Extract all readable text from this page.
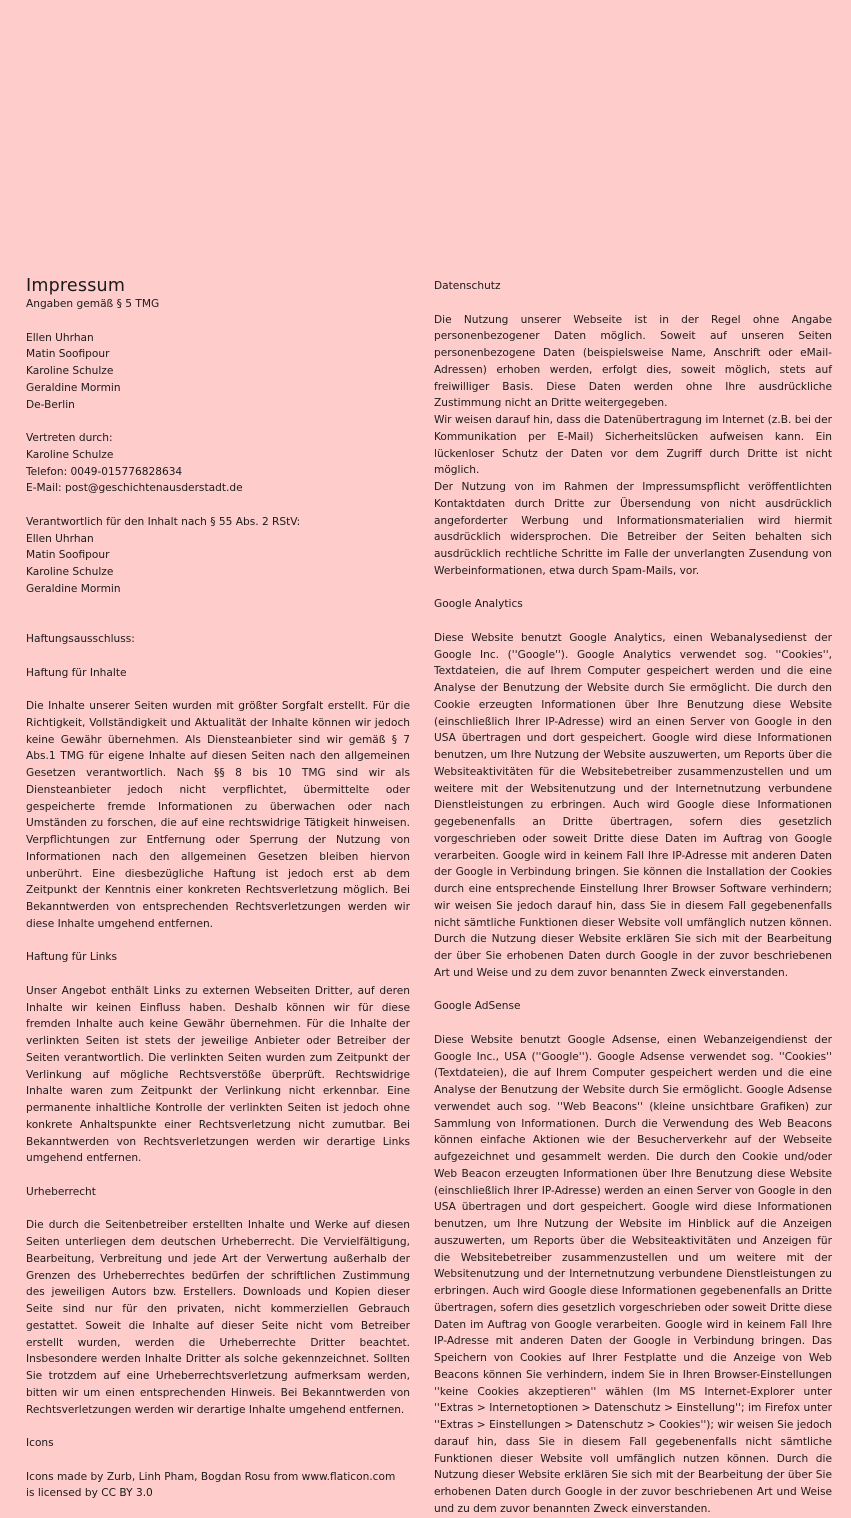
Impressum

Angaben gemäß § 5 TMG

Ellen Uhrhan

Matin Soofipour

Karoline Schulze

Geraldine Mormin

De-Berlin

Vertreten durch:

Karoline Schulze

Telefon: 0049-015776828634

E-Mail: post@geschichtenausderstadt.de

Verantwortlich für den Inhalt nach § 55 Abs. 2 RStV:

Ellen Uhrhan

Matin Soofipour

Karoline Schulze

Geraldine Mormin

Haftungsausschluss:

Haftung für Inhalte

Die Inhalte unserer Seiten wurden mit größter Sorgfalt erstellt. Für die Richtigkeit, Vollständigkeit und Aktualität der Inhalte können wir jedoch keine Gewähr übernehmen. Als Diensteanbieter sind wir gemäß § 7 Abs.1 TMG für eigene Inhalte auf diesen Seiten nach den allgemeinen Gesetzen verantwortlich. Nach §§ 8 bis 10 TMG sind wir als Diensteanbieter jedoch nicht verpflichtet, übermittelte oder gespeicherte fremde Informationen zu überwachen oder nach Umständen zu forschen, die auf eine rechtswidrige Tätigkeit hinweisen. Verpflichtungen zur Entfernung oder Sperrung der Nutzung von Informationen nach den allgemeinen Gesetzen bleiben hiervon unberührt. Eine diesbezügliche Haftung ist jedoch erst ab dem Zeitpunkt der Kenntnis einer konkreten Rechtsverletzung möglich. Bei Bekanntwerden von entsprechenden Rechtsverletzungen werden wir diese Inhalte umgehend entfernen.

Haftung für Links

Unser Angebot enthält Links zu externen Webseiten Dritter, auf deren Inhalte wir keinen Einfluss haben. Deshalb können wir für diese fremden Inhalte auch keine Gewähr übernehmen. Für die Inhalte der verlinkten Seiten ist stets der jeweilige Anbieter oder Betreiber der Seiten verantwortlich. Die verlinkten Seiten wurden zum Zeitpunkt der Verlinkung auf mögliche Rechtsverstöße überprüft. Rechtswidrige Inhalte waren zum Zeitpunkt der Verlinkung nicht erkennbar. Eine permanente inhaltliche Kontrolle der verlinkten Seiten ist jedoch ohne konkrete Anhaltspunkte einer Rechtsverletzung nicht zumutbar. Bei Bekanntwerden von Rechtsverletzungen werden wir derartige Links umgehend entfernen.

Urheberrecht

Die durch die Seitenbetreiber erstellten Inhalte und Werke auf diesen Seiten unterliegen dem deutschen Urheberrecht. Die Vervielfältigung, Bearbeitung, Verbreitung und jede Art der Verwertung außerhalb der Grenzen des Urheberrechtes bedürfen der schriftlichen Zustimmung des jeweiligen Autors bzw. Erstellers. Downloads und Kopien dieser Seite sind nur für den privaten, nicht kommerziellen Gebrauch gestattet. Soweit die Inhalte auf dieser Seite nicht vom Betreiber erstellt wurden, werden die Urheberrechte Dritter beachtet. Insbesondere werden Inhalte Dritter als solche gekennzeichnet. Sollten Sie trotzdem auf eine Urheberrechtsverletzung aufmerksam werden, bitten wir um einen entsprechenden Hinweis. Bei Bekanntwerden von Rechtsverletzungen werden wir derartige Inhalte umgehend entfernen.

Icons

Icons made by Zurb, Linh Pham, Bogdan Rosu from www.flaticon.com

is licensed by CC BY 3.0

Datenschutz

Die Nutzung unserer Webseite ist in der Regel ohne Angabe personenbezogener Daten möglich. Soweit auf unseren Seiten personenbezogene Daten (beispielsweise Name, Anschrift oder eMail-Adressen) erhoben werden, erfolgt dies, soweit möglich, stets auf freiwilliger Basis. Diese Daten werden ohne Ihre ausdrückliche Zustimmung nicht an Dritte weitergegeben.

Wir weisen darauf hin, dass die Datenübertragung im Internet (z.B. bei der Kommunikation per E-Mail) Sicherheitslücken aufweisen kann. Ein lückenloser Schutz der Daten vor dem Zugriff durch Dritte ist nicht möglich.

Der Nutzung von im Rahmen der Impressumspflicht veröffentlichten Kontaktdaten durch Dritte zur Übersendung von nicht ausdrücklich angeforderter Werbung und Informationsmaterialien wird hiermit ausdrücklich widersprochen. Die Betreiber der Seiten behalten sich ausdrücklich rechtliche Schritte im Falle der unverlangten Zusendung von Werbeinformationen, etwa durch Spam-Mails, vor.

Google Analytics

Diese Website benutzt Google Analytics, einen Webanalysedienst der Google Inc. (''Google''). Google Analytics verwendet sog. ''Cookies'', Textdateien, die auf Ihrem Computer gespeichert werden und die eine Analyse der Benutzung der Website durch Sie ermöglicht. Die durch den Cookie erzeugten Informationen über Ihre Benutzung diese Website (einschließlich Ihrer IP-Adresse) wird an einen Server von Google in den USA übertragen und dort gespeichert. Google wird diese Informationen benutzen, um Ihre Nutzung der Website auszuwerten, um Reports über die Websiteaktivitäten für die Websitebetreiber zusammenzustellen und um weitere mit der Websitenutzung und der Internetnutzung verbundene Dienstleistungen zu erbringen. Auch wird Google diese Informationen gegebenenfalls an Dritte übertragen, sofern dies gesetzlich vorgeschrieben oder soweit Dritte diese Daten im Auftrag von Google verarbeiten. Google wird in keinem Fall Ihre IP-Adresse mit anderen Daten der Google in Verbindung bringen. Sie können die Installation der Cookies durch eine entsprechende Einstellung Ihrer Browser Software verhindern; wir weisen Sie jedoch darauf hin, dass Sie in diesem Fall gegebenenfalls nicht sämtliche Funktionen dieser Website voll umfänglich nutzen können. Durch die Nutzung dieser Website erklären Sie sich mit der Bearbeitung der über Sie erhobenen Daten durch Google in der zuvor beschriebenen Art und Weise und zu dem zuvor benannten Zweck einverstanden.

Google AdSense

Diese Website benutzt Google Adsense, einen Webanzeigendienst der Google Inc., USA (''Google''). Google Adsense verwendet sog. ''Cookies'' (Textdateien), die auf Ihrem Computer gespeichert werden und die eine Analyse der Benutzung der Website durch Sie ermöglicht. Google Adsense verwendet auch sog. ''Web Beacons'' (kleine unsichtbare Grafiken) zur Sammlung von Informationen. Durch die Verwendung des Web Beacons können einfache Aktionen wie der Besucherverkehr auf der Webseite aufgezeichnet und gesammelt werden. Die durch den Cookie und/oder Web Beacon erzeugten Informationen über Ihre Benutzung diese Website (einschließlich Ihrer IP-Adresse) werden an einen Server von Google in den USA übertragen und dort gespeichert. Google wird diese Informationen benutzen, um Ihre Nutzung der Website im Hinblick auf die Anzeigen auszuwerten, um Reports über die Websiteaktivitäten und Anzeigen für die Websitebetreiber zusammenzustellen und um weitere mit der Websitenutzung und der Internetnutzung verbundene Dienstleistungen zu erbringen. Auch wird Google diese Informationen gegebenenfalls an Dritte übertragen, sofern dies gesetzlich vorgeschrieben oder soweit Dritte diese Daten im Auftrag von Google verarbeiten. Google wird in keinem Fall Ihre IP-Adresse mit anderen Daten der Google in Verbindung bringen. Das Speichern von Cookies auf Ihrer Festplatte und die Anzeige von Web Beacons können Sie verhindern, indem Sie in Ihren Browser-Einstellungen ''keine Cookies akzeptieren'' wählen (Im MS Internet-Explorer unter ''Extras > Internetoptionen > Datenschutz > Einstellung''; im Firefox unter ''Extras > Einstellungen > Datenschutz > Cookies''); wir weisen Sie jedoch darauf hin, dass Sie in diesem Fall gegebenenfalls nicht sämtliche Funktionen dieser Website voll umfänglich nutzen können. Durch die Nutzung dieser Website erklären Sie sich mit der Bearbeitung der über Sie erhobenen Daten durch Google in der zuvor beschriebenen Art und Weise und zu dem zuvor benannten Zweck einverstanden.
